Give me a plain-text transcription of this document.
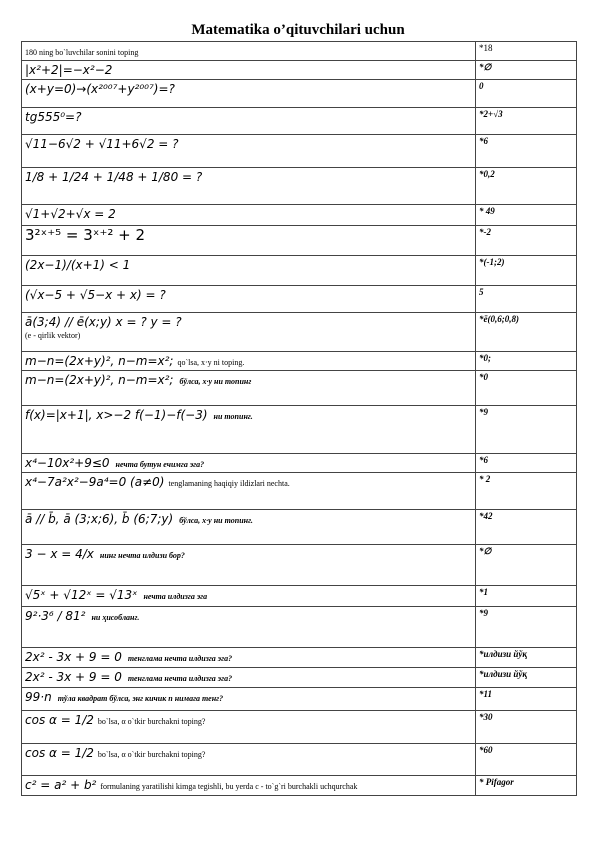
Matematika o’qituvchilari uchun
180 ning bo`luvchilar sonini toping	*18
|x²+2|=−x²−2	*∅
(x+y=0)→(x²⁰⁰⁷+y²⁰⁰⁷)=?	0
tg555⁰=?	*2+√3
√11−6√2 + √11+6√2 = ?	*6
1/8 + 1/24 + 1/48 + 1/80 = ?	*0,2
√1+√2+√x = 2	* 49
3²ˣ⁺⁵ = 3ˣ⁺² + 2	*-2
(2x−1)/(x+1) < 1	*(-1;2)
(√x−5 + √5−x + x) = ?	5
ā(3;4) // ē(x;y) x = ? y = ?
(e - qirlik vektor)	*ē(0,6;0,8)
m−n=(2x+y)², n−m=x²; qo`lsa, x·y ni toping.	*0;
m−n=(2x+y)², n−m=x²; бўлса, x·y ни топинг	*0
f(x)=|x+1|, x>−2 f(−1)−f(−3) ни топинг.	*9
x⁴−10x²+9≤0 нечта бутун ечимга эга?	*6
x⁴−7a²x²−9a⁴=0 (a≠0) tenglamaning haqiqiy ildizlari nechta.	* 2
ā // b̄, ā (3;x;6), b̄ (6;7;y) бўлса, x·y ни топинг.	*42
3 − x = 4/x нинг нечта илдизи бор?	*∅
√5ˣ + √12ˣ = √13ˣ нечта илдизга эга	*1
9²·3⁶ / 81² ни ҳисобланг.	*9
2x² - 3x + 9 = 0 тенглама нечта илдизга эга?	*илдизи йўқ
2x² - 3x + 9 = 0 тенглама нечта илдизга эга?	*илдизи йўқ
99·n тўла квадрат бўлса, энг кичик n нимага тенг?	*11
cos α = 1/2 bo`lsa, α o`tkir burchakni toping?	*30
cos α = 1/2 bo`lsa, α o`tkir burchakni toping?	*60
c² = a² + b² formulaning yaratilishi kimga tegishli, bu yerda c - to`g`ri burchakli uchqurchak	* Pifagor
